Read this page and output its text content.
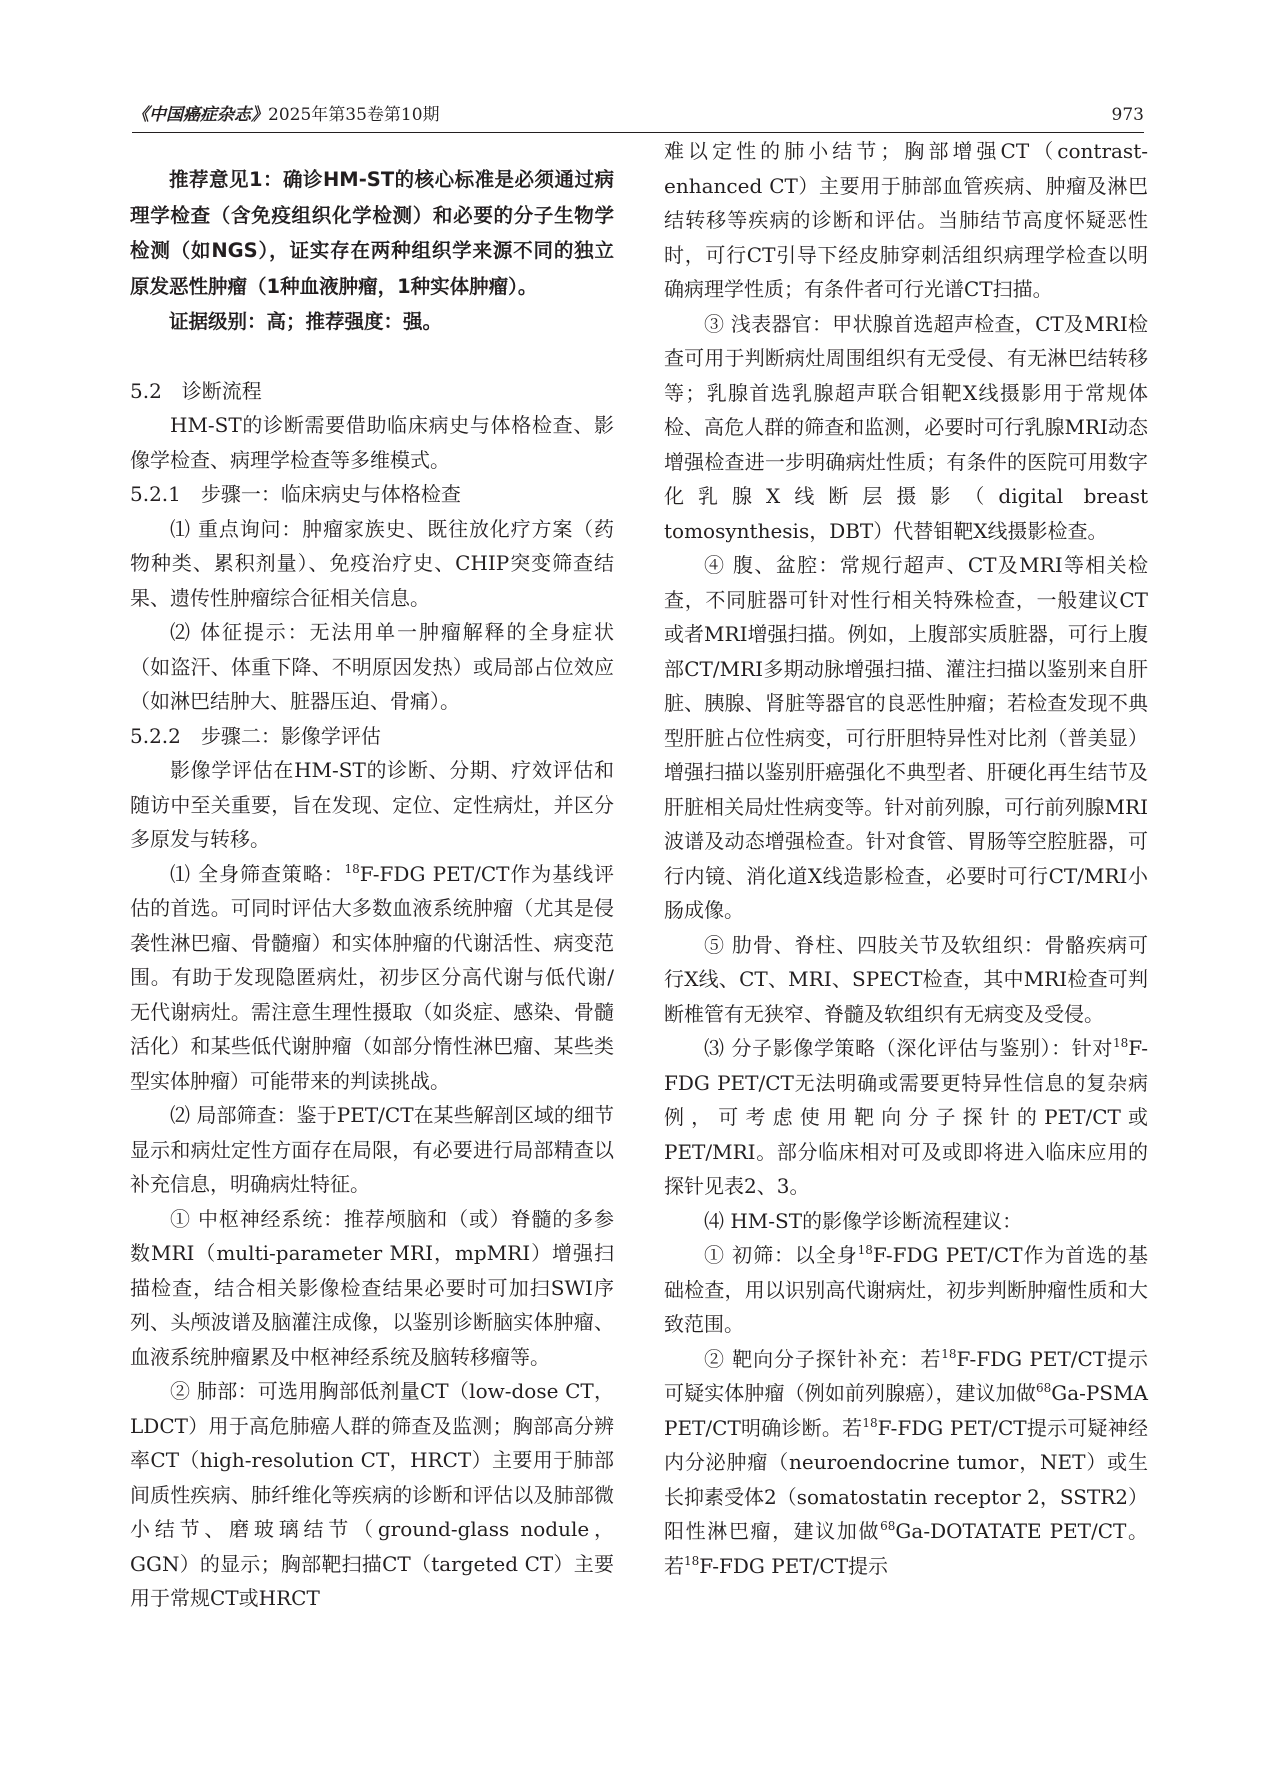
《中国癌症杂志》2025年第35卷第10期	973

推荐意见1：确诊HM-ST的核心标准是必须通过病理学检查（含免疫组织化学检测）和必要的分子生物学检测（如NGS），证实存在两种组织学来源不同的独立原发恶性肿瘤（1种血液肿瘤，1种实体肿瘤）。

证据级别：高；推荐强度：强。

5.2　诊断流程

HM-ST的诊断需要借助临床病史与体格检查、影像学检查、病理学检查等多维模式。

5.2.1　步骤一：临床病史与体格检查

⑴ 重点询问：肿瘤家族史、既往放化疗方案（药物种类、累积剂量）、免疫治疗史、CHIP突变筛查结果、遗传性肿瘤综合征相关信息。

⑵ 体征提示：无法用单一肿瘤解释的全身症状（如盗汗、体重下降、不明原因发热）或局部占位效应（如淋巴结肿大、脏器压迫、骨痛）。

5.2.2　步骤二：影像学评估

影像学评估在HM-ST的诊断、分期、疗效评估和随访中至关重要，旨在发现、定位、定性病灶，并区分多原发与转移。

⑴ 全身筛查策略：$^{18}$F-FDG PET/CT作为基线评估的首选。可同时评估大多数血液系统肿瘤（尤其是侵袭性淋巴瘤、骨髓瘤）和实体肿瘤的代谢活性、病变范围。有助于发现隐匿病灶，初步区分高代谢与低代谢/无代谢病灶。需注意生理性摄取（如炎症、感染、骨髓活化）和某些低代谢肿瘤（如部分惰性淋巴瘤、某些类型实体肿瘤）可能带来的判读挑战。

⑵ 局部筛查：鉴于PET/CT在某些解剖区域的细节显示和病灶定性方面存在局限，有必要进行局部精查以补充信息，明确病灶特征。

① 中枢神经系统：推荐颅脑和（或）脊髓的多参数MRI（multi-parameter MRI，mpMRI）增强扫描检查，结合相关影像检查结果必要时可加扫SWI序列、头颅波谱及脑灌注成像，以鉴别诊断脑实体肿瘤、血液系统肿瘤累及中枢神经系统及脑转移瘤等。

② 肺部：可选用胸部低剂量CT（low-dose CT，LDCT）用于高危肺癌人群的筛查及监测；胸部高分辨率CT（high-resolution CT，HRCT）主要用于肺部间质性疾病、肺纤维化等疾病的诊断和评估以及肺部微小结节、磨玻璃结节（ground-glass nodule，GGN）的显示；胸部靶扫描CT（targeted CT）主要用于常规CT或HRCT

难以定性的肺小结节；胸部增强CT（contrast-enhanced CT）主要用于肺部血管疾病、肿瘤及淋巴结转移等疾病的诊断和评估。当肺结节高度怀疑恶性时，可行CT引导下经皮肺穿刺活组织病理学检查以明确病理学性质；有条件者可行光谱CT扫描。

③ 浅表器官：甲状腺首选超声检查，CT及MRI检查可用于判断病灶周围组织有无受侵、有无淋巴结转移等；乳腺首选乳腺超声联合钼靶X线摄影用于常规体检、高危人群的筛查和监测，必要时可行乳腺MRI动态增强检查进一步明确病灶性质；有条件的医院可用数字化乳腺X线断层摄影（digital breast tomosynthesis，DBT）代替钼靶X线摄影检查。

④ 腹、盆腔：常规行超声、CT及MRI等相关检查，不同脏器可针对性行相关特殊检查，一般建议CT或者MRI增强扫描。例如，上腹部实质脏器，可行上腹部CT/MRI多期动脉增强扫描、灌注扫描以鉴别来自肝脏、胰腺、肾脏等器官的良恶性肿瘤；若检查发现不典型肝脏占位性病变，可行肝胆特异性对比剂（普美显）增强扫描以鉴别肝癌强化不典型者、肝硬化再生结节及肝脏相关局灶性病变等。针对前列腺，可行前列腺MRI波谱及动态增强检查。针对食管、胃肠等空腔脏器，可行内镜、消化道X线造影检查，必要时可行CT/MRI小肠成像。

⑤ 肋骨、脊柱、四肢关节及软组织：骨骼疾病可行X线、CT、MRI、SPECT检查，其中MRI检查可判断椎管有无狭窄、脊髓及软组织有无病变及受侵。

⑶ 分子影像学策略（深化评估与鉴别）：针对$^{18}$F-FDG PET/CT无法明确或需要更特异性信息的复杂病例，可考虑使用靶向分子探针的PET/CT或PET/MRI。部分临床相对可及或即将进入临床应用的探针见表2、3。

⑷ HM-ST的影像学诊断流程建议：

① 初筛：以全身$^{18}$F-FDG PET/CT作为首选的基础检查，用以识别高代谢病灶，初步判断肿瘤性质和大致范围。

② 靶向分子探针补充：若$^{18}$F-FDG PET/CT提示可疑实体肿瘤（例如前列腺癌），建议加做$^{68}$Ga-PSMA PET/CT明确诊断。若$^{18}$F-FDG PET/CT提示可疑神经内分泌肿瘤（neuroendocrine tumor，NET）或生长抑素受体2（somatostatin receptor 2，SSTR2）阳性淋巴瘤，建议加做$^{68}$Ga-DOTATATE PET/CT。若$^{18}$F-FDG PET/CT提示
